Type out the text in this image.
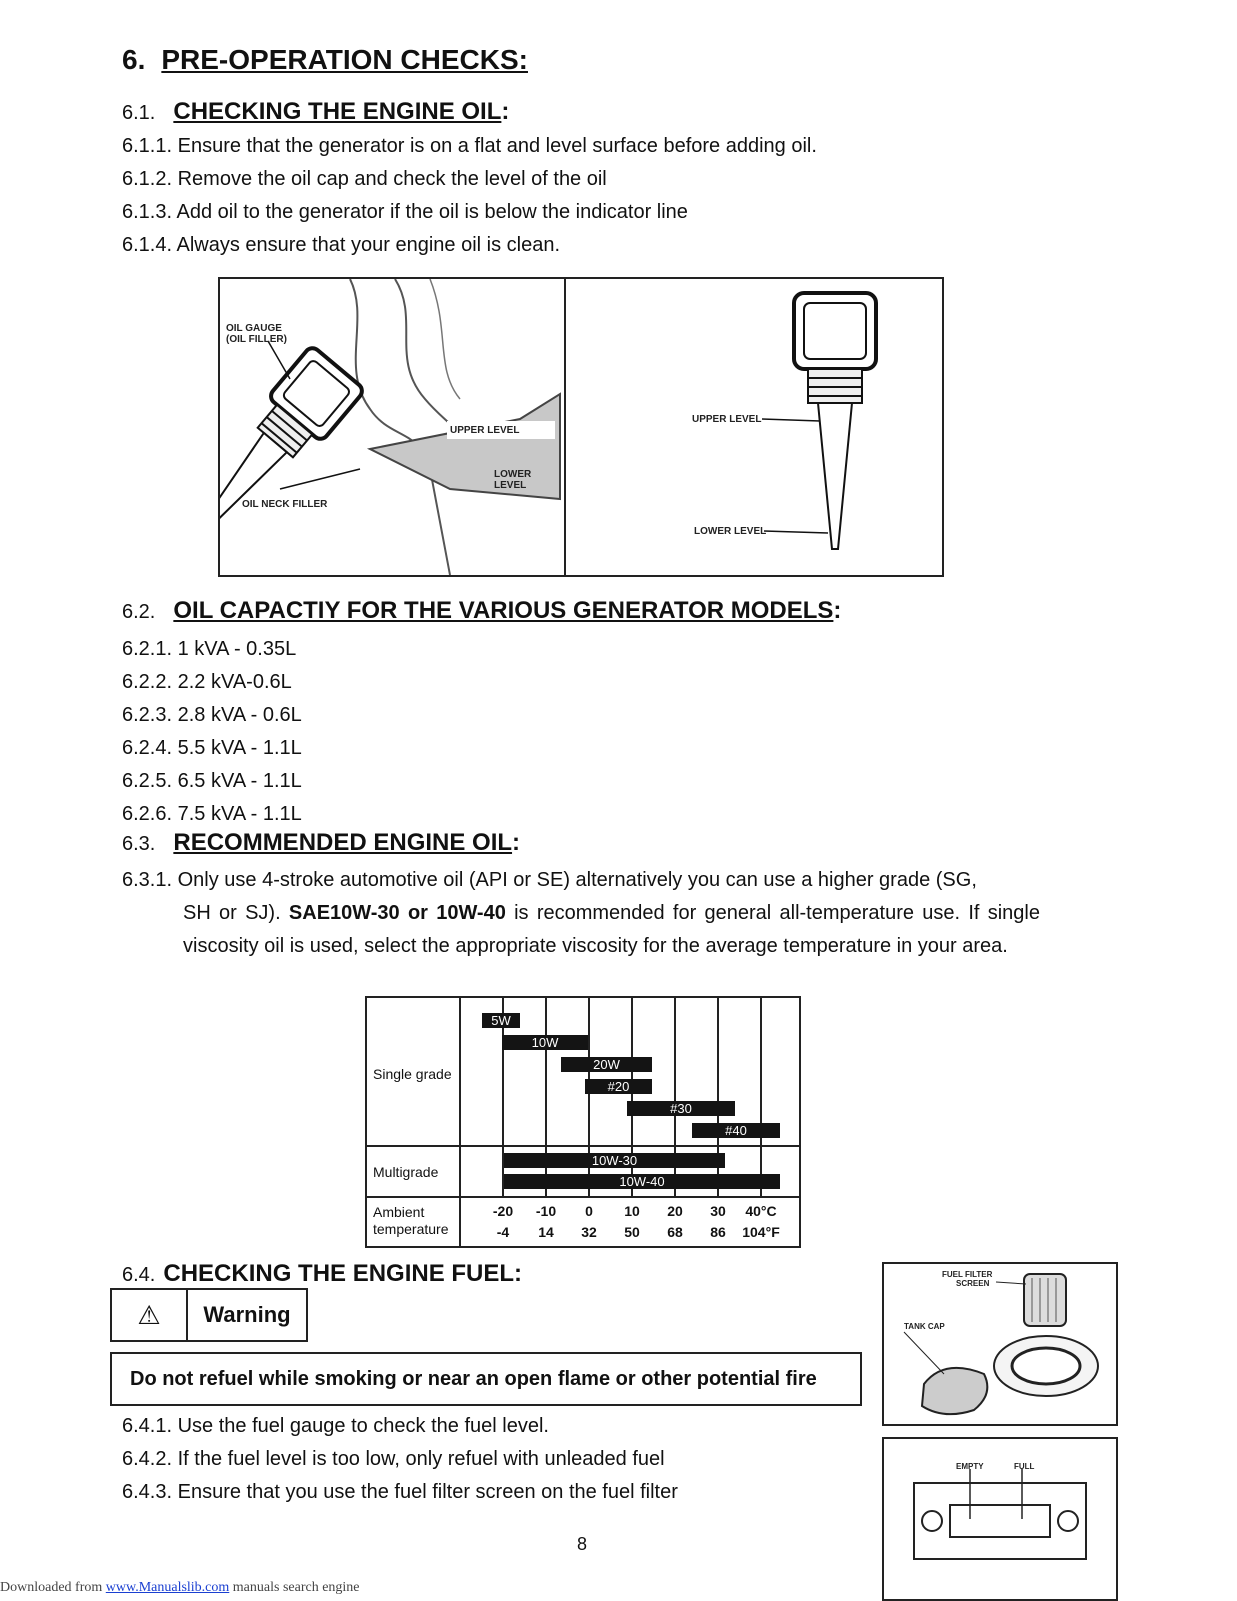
6. PRE-OPERATION CHECKS:
6.1. CHECKING THE ENGINE OIL:
6.1.1. Ensure that the generator is on a flat and level surface before adding oil.
6.1.2. Remove the oil cap and check the level of the oil
6.1.3. Add oil to the generator if the oil is below the indicator line
6.1.4. Always ensure that your engine oil is clean.
OIL GAUGE
(OIL FILLER)
UPPER LEVEL
LOWER
LEVEL
OIL NECK FILLER
UPPER LEVEL
LOWER LEVEL
6.2. OIL CAPACTIY FOR THE VARIOUS GENERATOR MODELS:
6.2.1. 1 kVA - 0.35L
6.2.2. 2.2 kVA-0.6L
6.2.3. 2.8 kVA - 0.6L
6.2.4. 5.5 kVA - 1.1L
6.2.5. 6.5 kVA - 1.1L
6.2.6. 7.5 kVA - 1.1L
6.3. RECOMMENDED ENGINE OIL:
6.3.1. Only use 4-stroke automotive oil (API or SE) alternatively you can use a higher grade (SG,
SH or SJ). SAE10W-30 or 10W-40 is recommended for general all-temperature use. If single viscosity oil is used, select the appropriate viscosity for the average temperature in your area.
Single grade
Multigrade
Ambient
temperature
5W
10W
20W
#20
#30
#40
10W-30
10W-40
-20	-10	0	10	20	30	40°C
-4	14	32	50	68	86	104°F
6.4. CHECKING THE ENGINE FUEL:
⚠	Warning
Do not refuel while smoking or near an open flame or other potential fire
6.4.1. Use the fuel gauge to check the fuel level.
6.4.2. If the fuel level is too low, only refuel with unleaded fuel
6.4.3. Ensure that you use the fuel filter screen on the fuel filter
FUEL FILTER
SCREEN
TANK CAP
EMPTY	FULL
8
Downloaded from www.Manualslib.com manuals search engine
